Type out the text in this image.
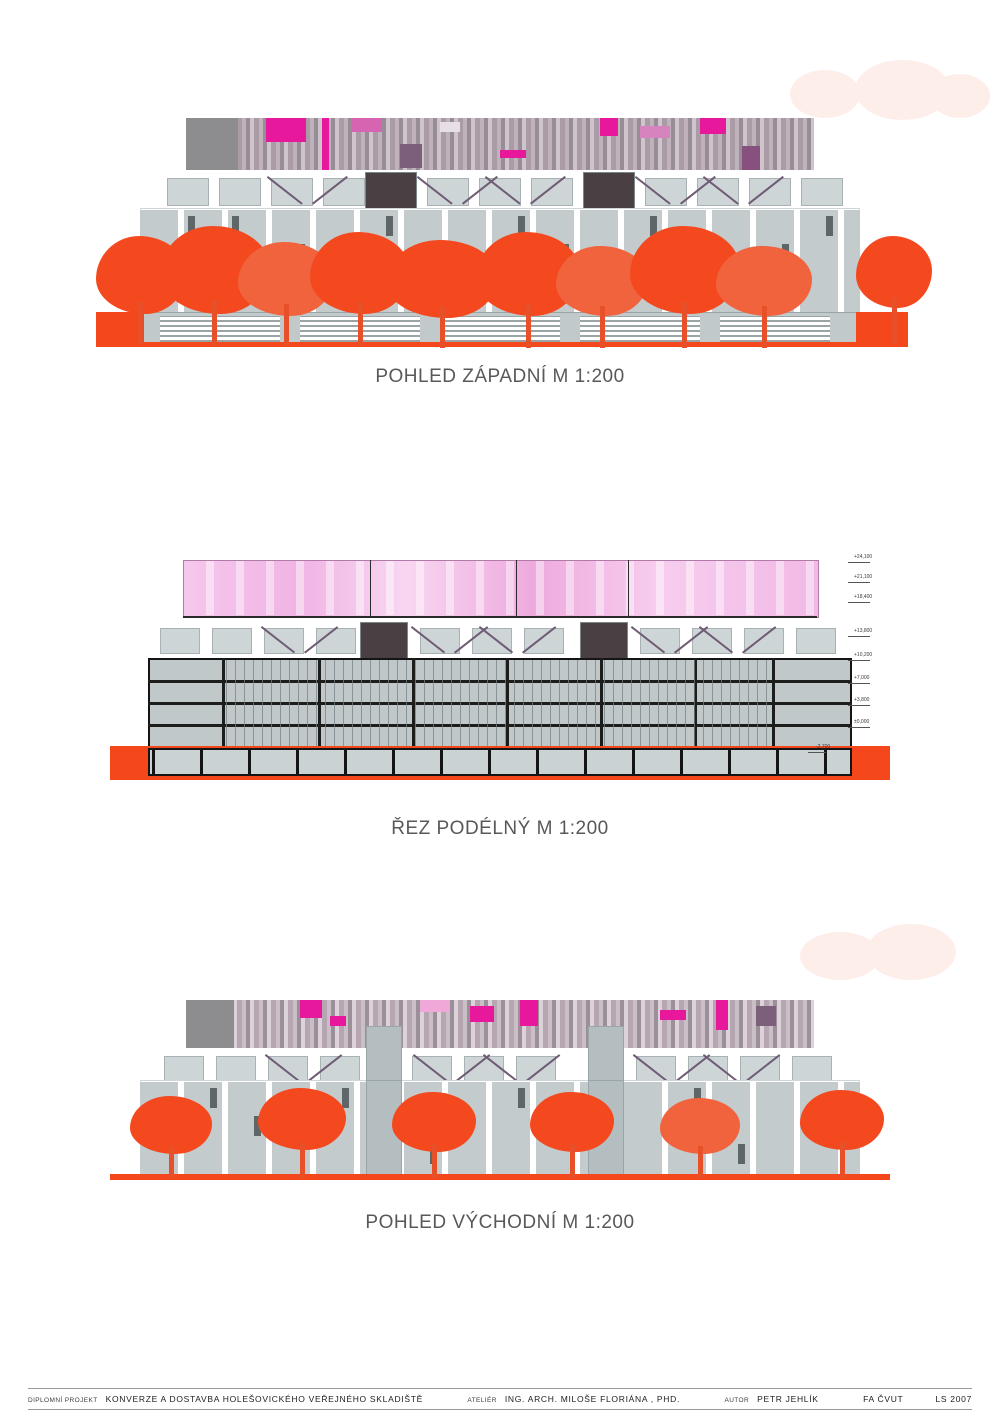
POHLED ZÁPADNÍ M 1:200
+24,100
+21,100
+18,400
+13,800
+10,200
+7,000
+3,800
±0,000
-2,700
ŘEZ PODÉLNÝ M 1:200
POHLED VÝCHODNÍ M 1:200
DIPLOMNÍ PROJEKT KONVERZE A DOSTAVBA HOLEŠOVICKÉHO VEŘEJNÉHO SKLADIŠTĚ	ATELIÉR ING. ARCH. MILOŠE FLORIÁNA , PHD.	AUTOR PETR JEHLÍK	FA ČVUT	LS 2007
